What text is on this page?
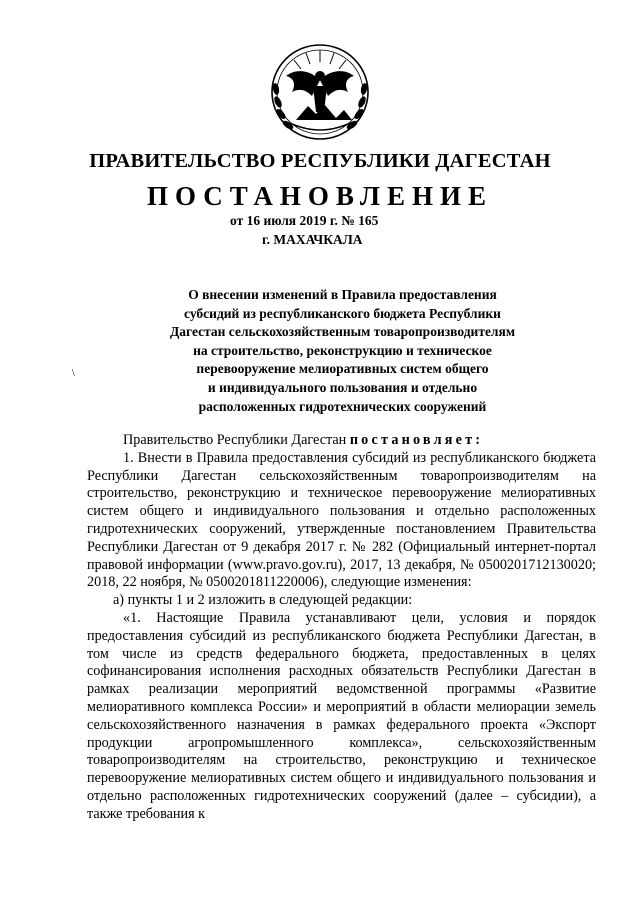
ПРАВИТЕЛЬСТВО РЕСПУБЛИКИ ДАГЕСТАН
ПОСТАНОВЛЕНИЕ
от 16 июля 2019 г. № 165
г. МАХАЧКАЛА
О внесении изменений в Правила предоставления
субсидий из республиканского бюджета Республики
Дагестан сельскохозяйственным товаропроизводителям
на строительство, реконструкцию и техническое
перевооружение мелиоративных систем общего
и индивидуального пользования и отдельно
расположенных гидротехнических сооружений
\

Правительство Республики Дагестан постановляет:

1. Внести в Правила предоставления субсидий из республиканского бюджета Республики Дагестан сельскохозяйственным товаропроизводителям на строительство, реконструкцию и техническое перевооружение мелиоративных систем общего и индивидуального пользования и отдельно расположенных гидротехнических сооружений, утвержденные постановлением Правительства Республики Дагестан от 9 декабря 2017 г. № 282 (Официальный интернет-портал правовой информации (www.pravo.gov.ru), 2017, 13 декабря, № 0500201712130020; 2018, 22 ноября, № 0500201811220006), следующие изменения:

а) пункты 1 и 2 изложить в следующей редакции:

«1. Настоящие Правила устанавливают цели, условия и порядок предоставления субсидий из республиканского бюджета Республики Дагестан, в том числе из средств федерального бюджета, предоставленных в целях софинансирования исполнения расходных обязательств Республики Дагестан в рамках реализации мероприятий ведомственной программы «Развитие мелиоративного комплекса России» и мероприятий в области мелиорации земель сельскохозяйственного назначения в рамках федерального проекта «Экспорт продукции агропромышленного комплекса», сельскохозяйственным товаропроизводителям на строительство, реконструкцию и техническое перевооружение мелиоративных систем общего и индивидуального пользования и отдельно расположенных гидротехнических сооружений (далее – субсидии), а также требования к
